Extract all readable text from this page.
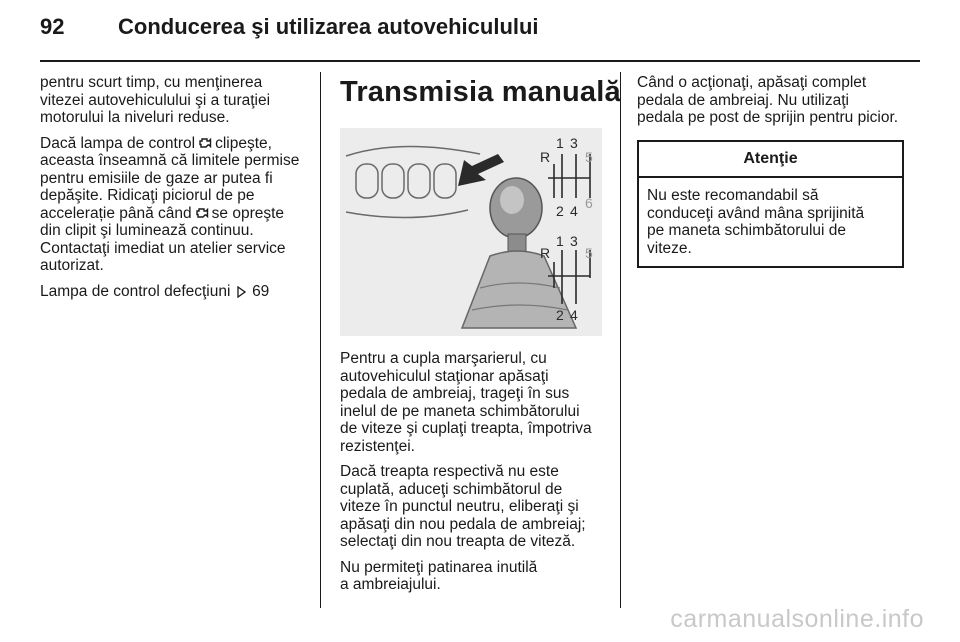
92 Conducerea şi utilizarea autovehiculului

pentru scurt timp, cu menţinerea
vitezei autovehiculului şi a turaţiei
motorului la niveluri reduse.

Dacă lampa de control clipeşte,
aceasta înseamnă că limitele permise
pentru emisiile de gaze ar putea fi
depăşite. Ridicaţi piciorul de pe
accelerație până când se opreşte
din clipit şi luminează continuu.
Contactaţi imediat un atelier service
autorizat.

Lampa de control defecţiuni 69

Transmisia manuală
R
1 3
5
2 4 6
R
1 3
5
2 4

Pentru a cupla marşarierul, cu
autovehiculul staţionar apăsaţi
pedala de ambreiaj, trageţi în sus
inelul de pe maneta schimbătorului
de viteze şi cuplaţi treapta, împotriva
rezistenţei.

Dacă treapta respectivă nu este
cuplată, aduceţi schimbătorul de
viteze în punctul neutru, eliberaţi şi
apăsaţi din nou pedala de ambreiaj;
selectaţi din nou treapta de viteză.

Nu permiteţi patinarea inutilă
a ambreiajului.

Când o acţionaţi, apăsaţi complet
pedala de ambreiaj. Nu utilizaţi
pedala pe post de sprijin pentru picior.

Atenţie
Nu este recomandabil să
conduceţi având mâna sprijinită
pe maneta schimbătorului de
viteze.
carmanualsonline.info
